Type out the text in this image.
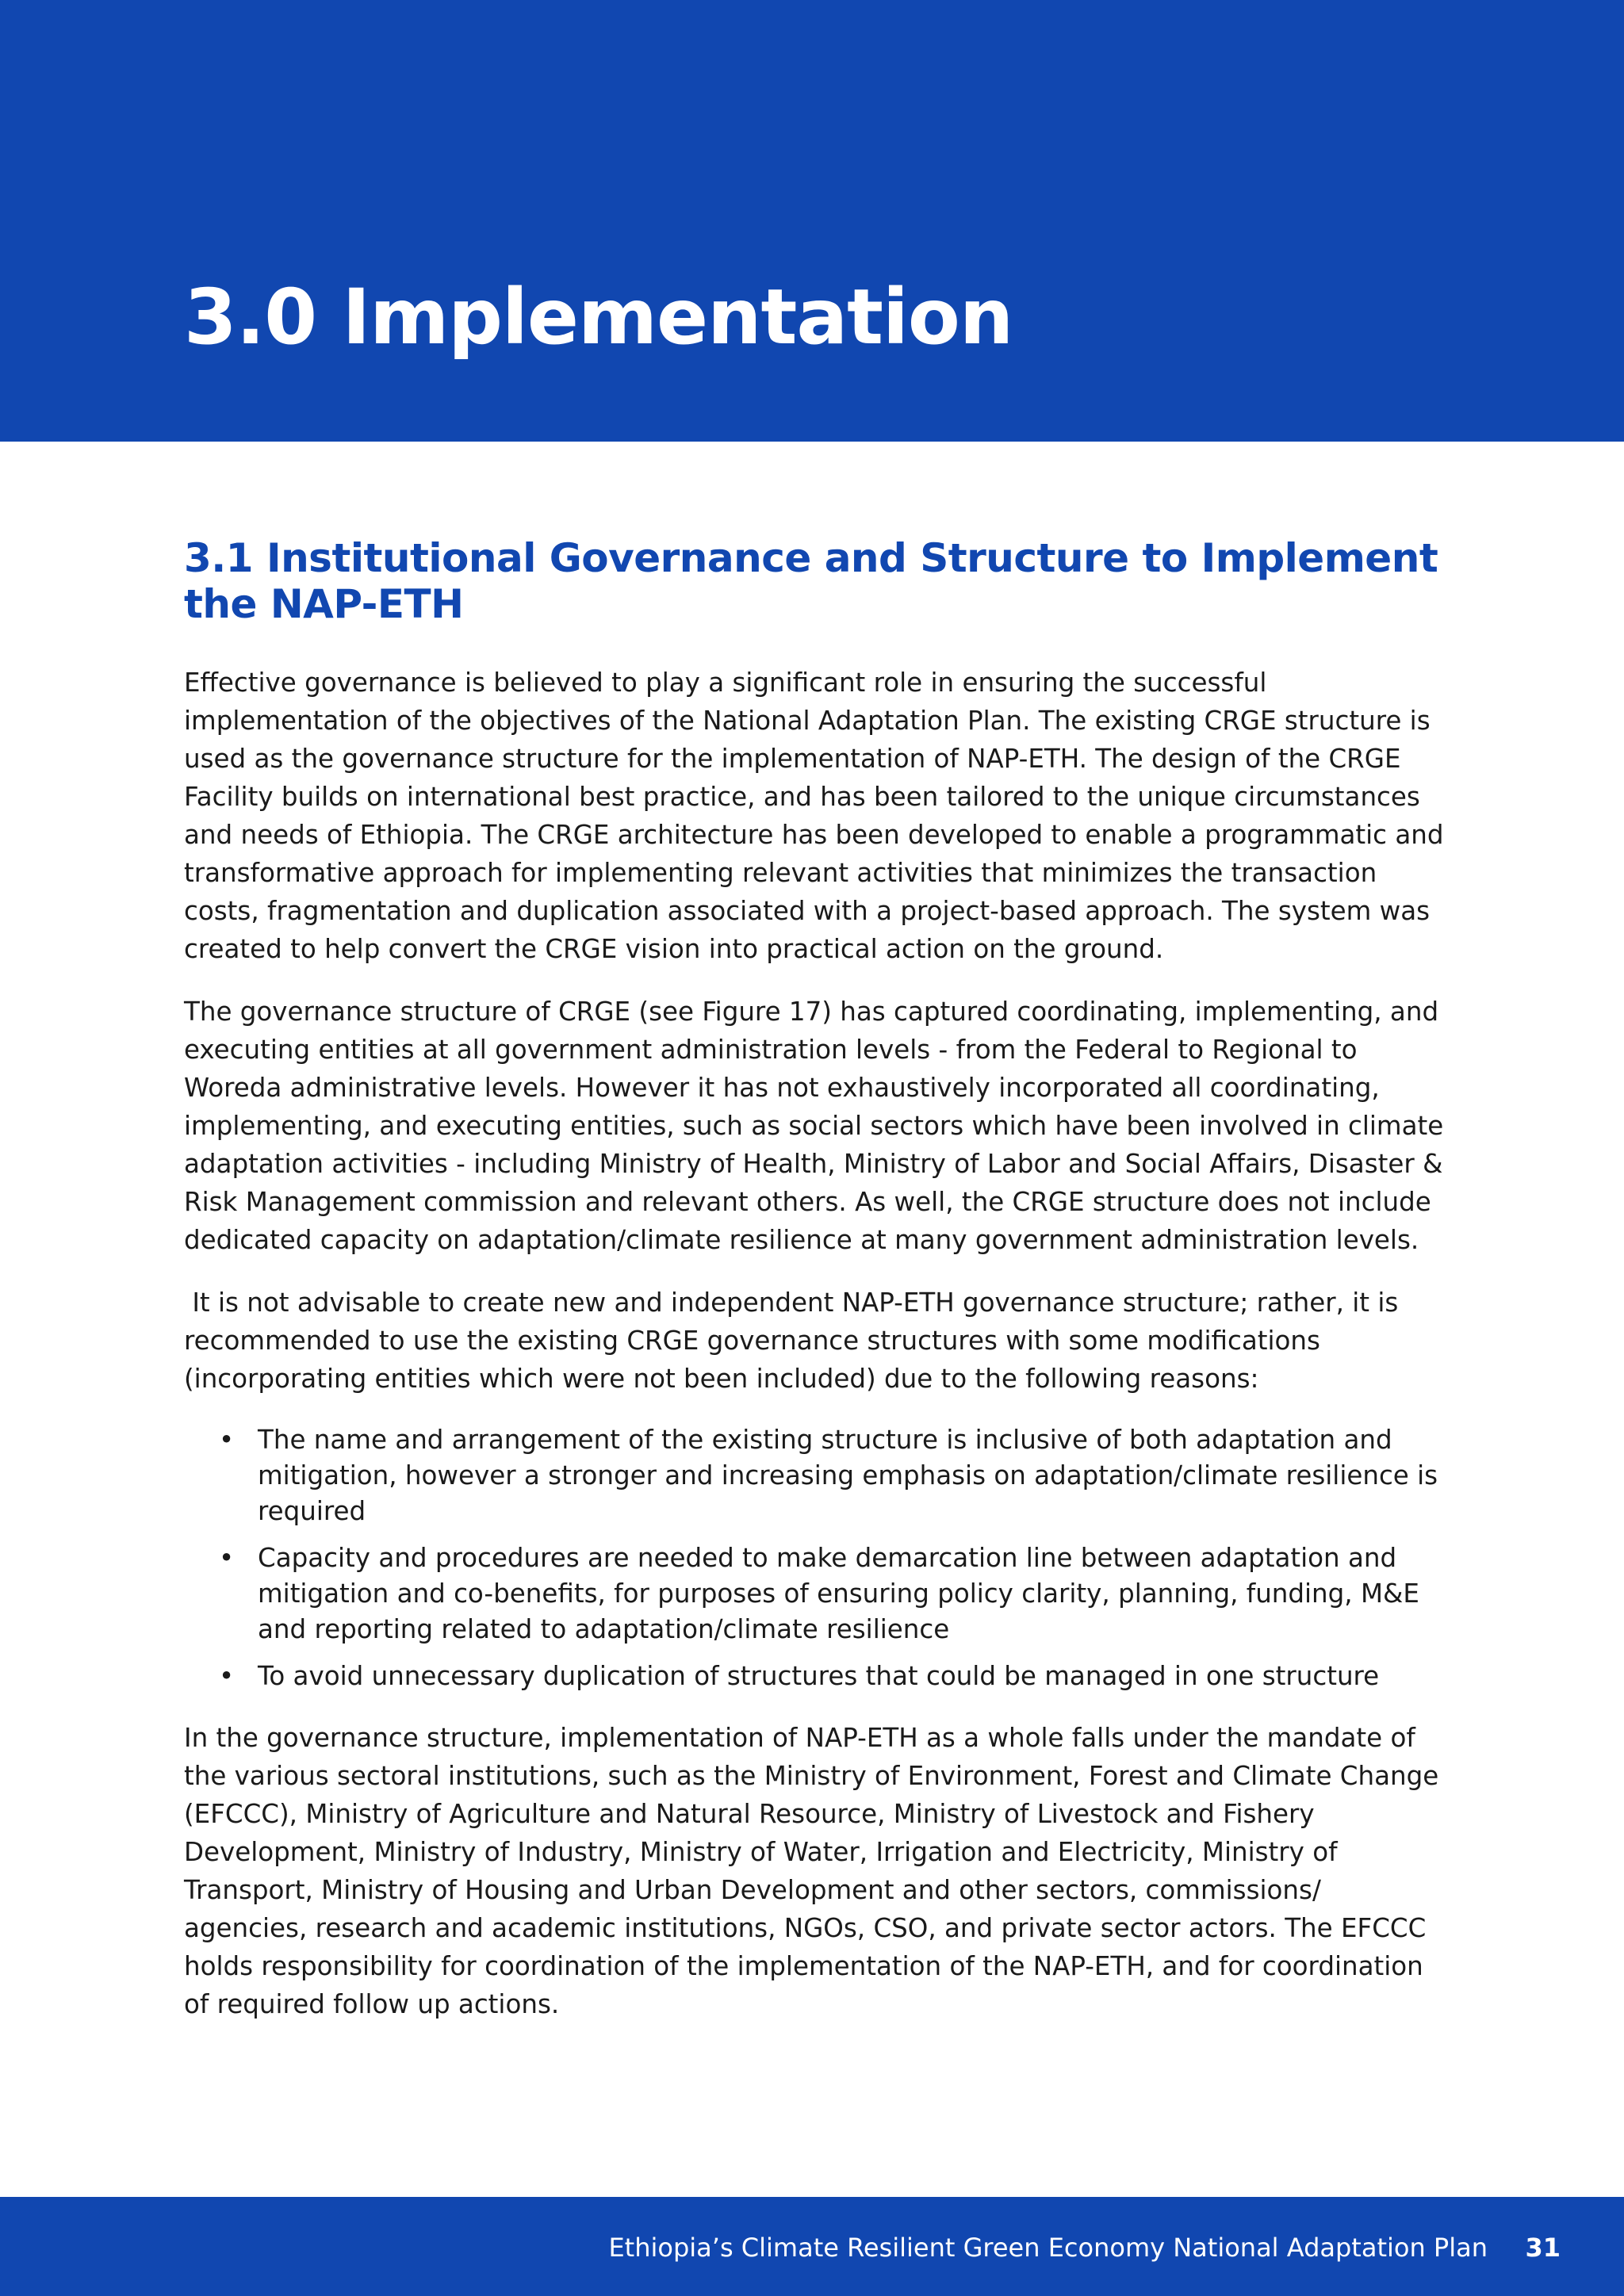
3.0 Implementation
3.1 Institutional Governance and Structure to Implement the NAP-ETH

Effective governance is believed to play a significant role in ensuring the successful implementation of the objectives of the National Adaptation Plan. The existing CRGE structure is used as the governance structure for the implementation of NAP-ETH. The design of the CRGE Facility builds on international best practice, and has been tailored to the unique circumstances and needs of Ethiopia. The CRGE architecture has been developed to enable a programmatic and transformative approach for implementing relevant activities that minimizes the transaction costs, fragmentation and duplication associated with a project-based approach. The system was created to help convert the CRGE vision into practical action on the ground.

The governance structure of CRGE (see Figure 17) has captured coordinating, implementing, and executing entities at all government administration levels - from the Federal to Regional to Woreda administrative levels. However it has not exhaustively incorporated all coordinating, implementing, and executing entities, such as social sectors which have been involved in climate adaptation activities - including Ministry of Health, Ministry of Labor and Social Affairs, Disaster & Risk Management commission and relevant others. As well, the CRGE structure does not include dedicated capacity on adaptation/climate resilience at many government administration levels.

It is not advisable to create new and independent NAP-ETH governance structure; rather, it is recommended to use the existing CRGE governance structures with some modifications (incorporating entities which were not been included) due to the following reasons:

• The name and arrangement of the existing structure is inclusive of both adaptation and mitigation, however a stronger and increasing emphasis on adaptation/climate resilience is required
• Capacity and procedures are needed to make demarcation line between adaptation and mitigation and co-benefits, for purposes of ensuring policy clarity, planning, funding, M&E and reporting related to adaptation/climate resilience
• To avoid unnecessary duplication of structures that could be managed in one structure

In the governance structure, implementation of NAP-ETH as a whole falls under the mandate of the various sectoral institutions, such as the Ministry of Environment, Forest and Climate Change (EFCCC), Ministry of Agriculture and Natural Resource, Ministry of Livestock and Fishery Development, Ministry of Industry, Ministry of Water, Irrigation and Electricity, Ministry of Transport, Ministry of Housing and Urban Development and other sectors, commissions/ agencies, research and academic institutions, NGOs, CSO, and private sector actors. The EFCCC holds responsibility for coordination of the implementation of the NAP-ETH, and for coordination of required follow up actions.

Ethiopia’s Climate Resilient Green Economy National Adaptation Plan 31
